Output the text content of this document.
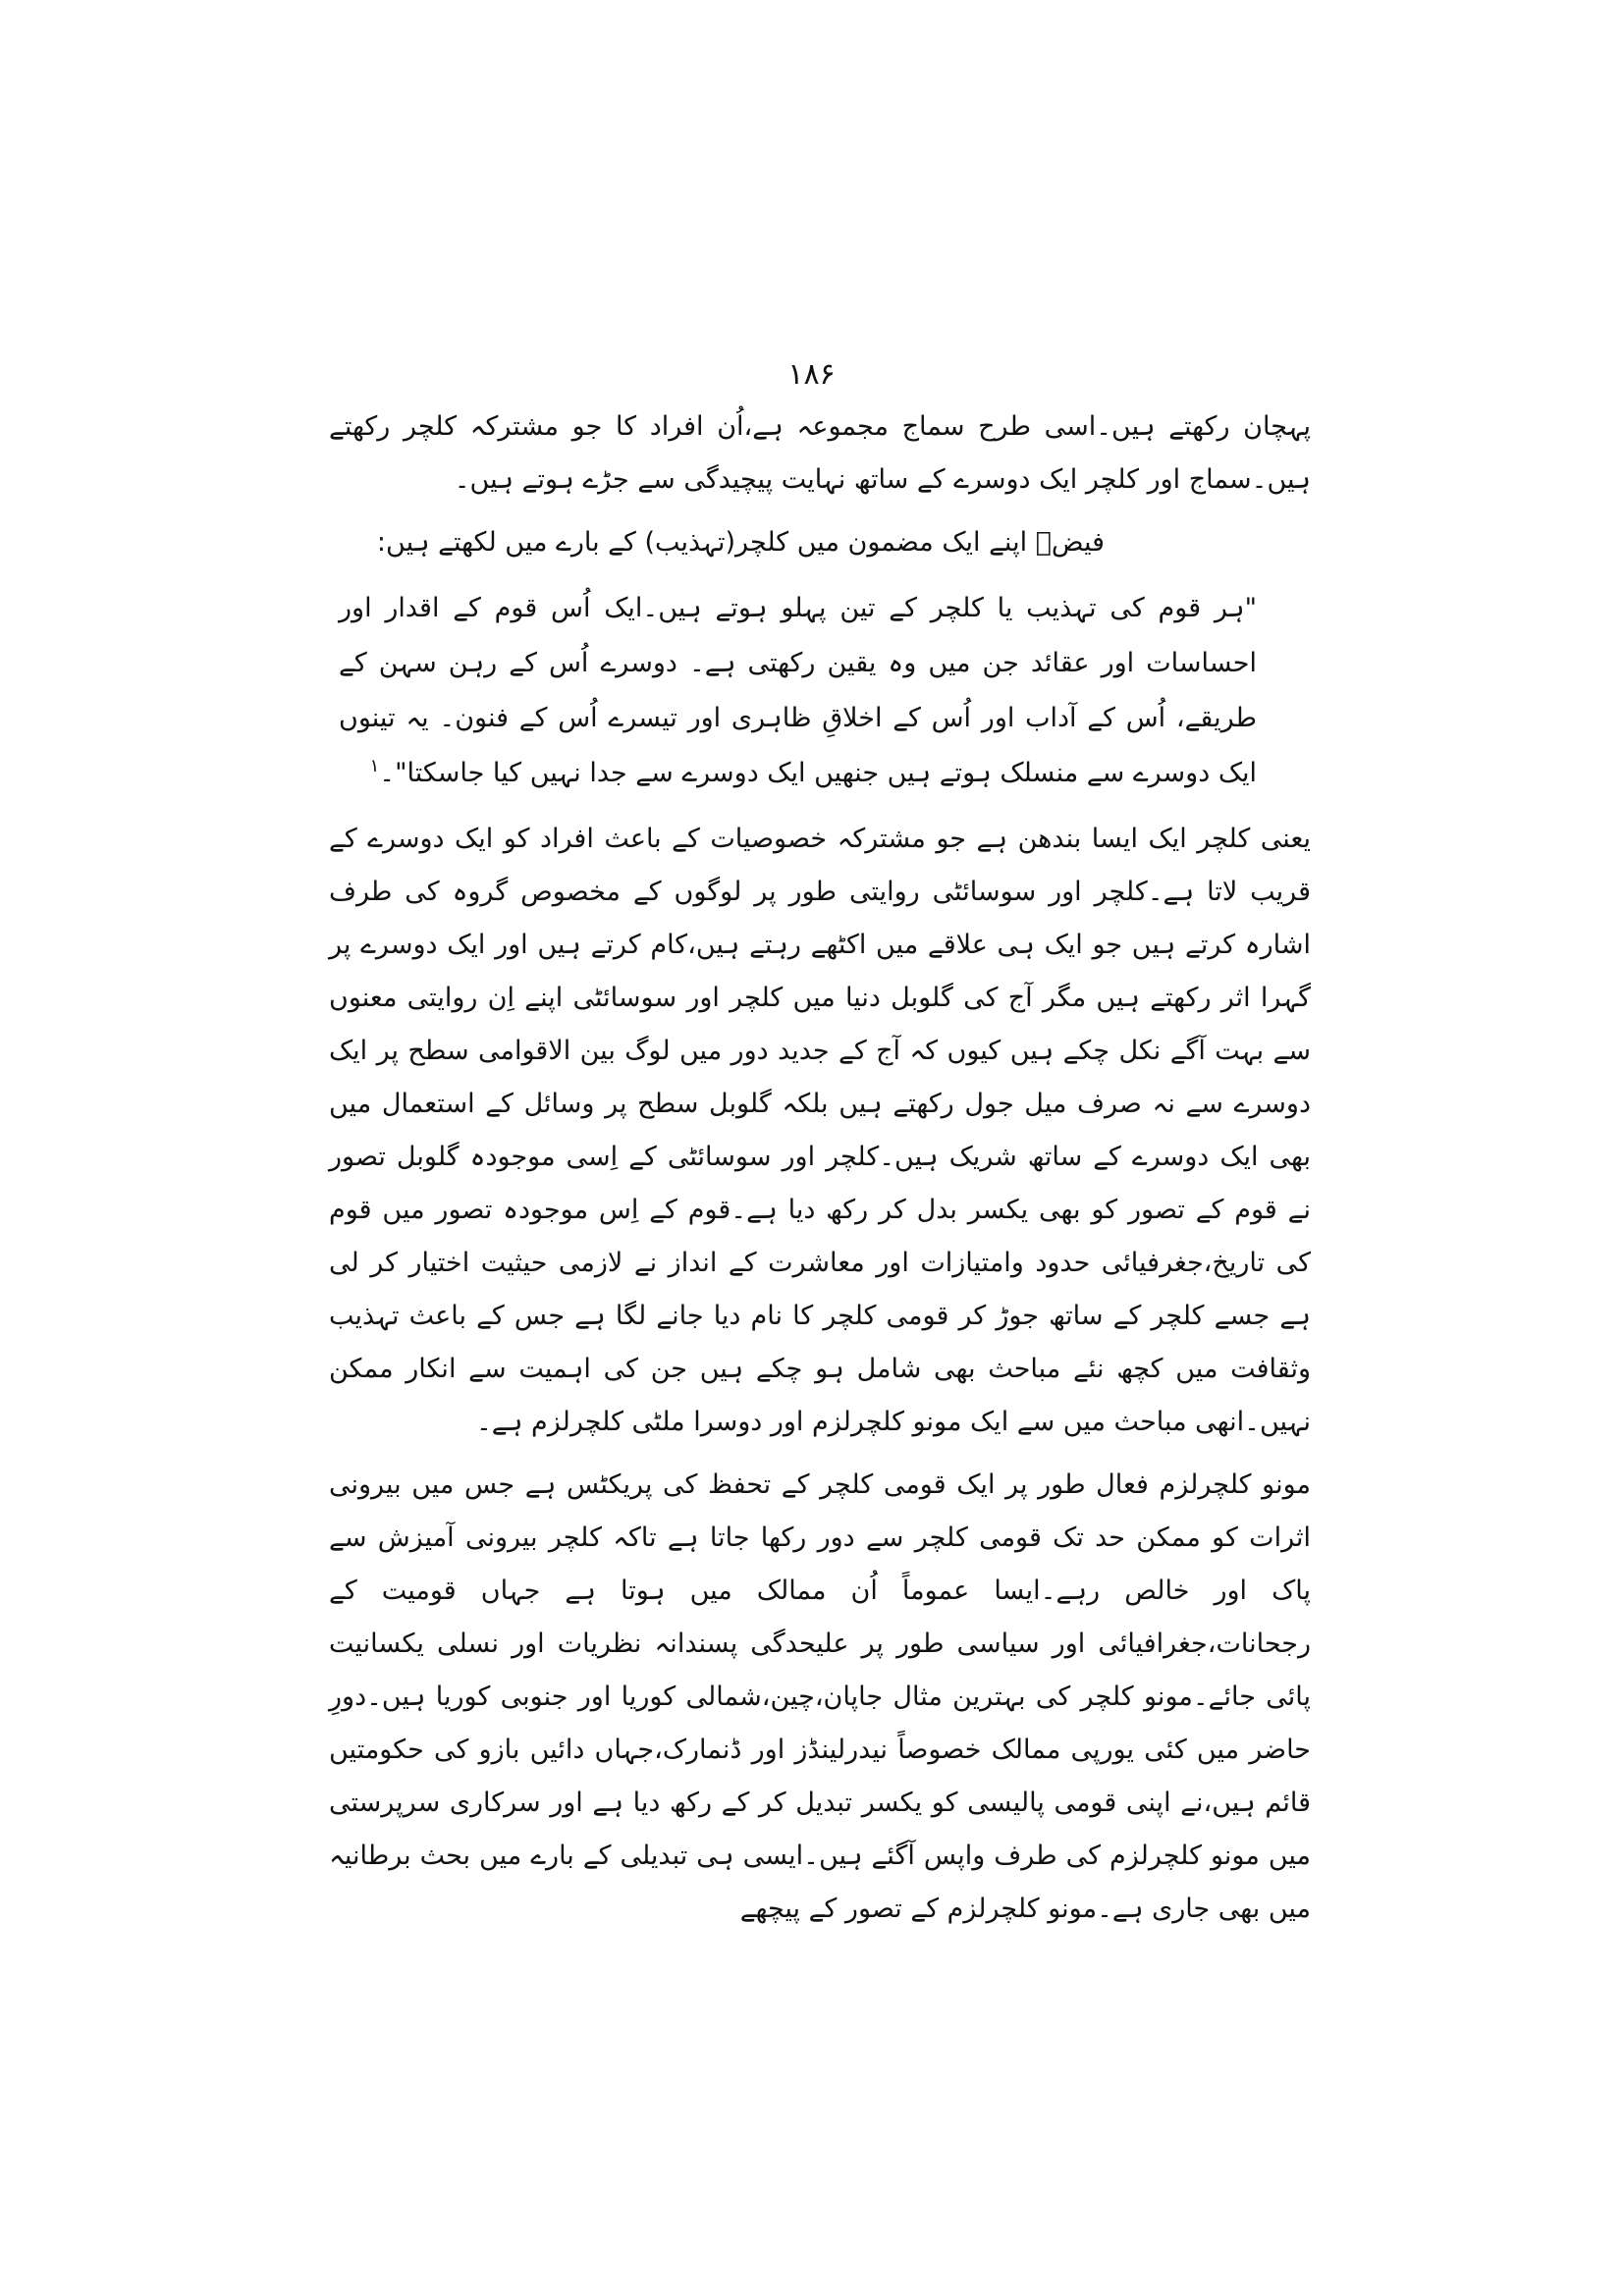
۱۸۶

پہچان رکھتے ہیں۔اسی طرح سماج مجموعہ ہے،اُن افراد کا جو مشترکہ کلچر رکھتے ہیں۔سماج اور کلچر ایک دوسرے کے ساتھ نہایت پیچیدگی سے جڑے ہوتے ہیں۔

فیضؔ اپنے ایک مضمون میں کلچر(تہذیب) کے بارے میں لکھتے ہیں:

"ہر قوم کی تہذیب یا کلچر کے تین پہلو ہوتے ہیں۔ایک اُس قوم کے اقدار اور احساسات اور عقائد جن میں وہ یقین رکھتی ہے۔ دوسرے اُس کے رہن سہن کے طریقے، اُس کے آداب اور اُس کے اخلاقِ ظاہری اور تیسرے اُس کے فنون۔ یہ تینوں ایک دوسرے سے منسلک ہوتے ہیں جنھیں ایک دوسرے سے جدا نہیں کیا جاسکتا"۔$^۱$

یعنی کلچر ایک ایسا بندھن ہے جو مشترکہ خصوصیات کے باعث افراد کو ایک دوسرے کے قریب لاتا ہے۔کلچر اور سوسائٹی روایتی طور پر لوگوں کے مخصوص گروہ کی طرف اشارہ کرتے ہیں جو ایک ہی علاقے میں اکٹھے رہتے ہیں،کام کرتے ہیں اور ایک دوسرے پر گہرا اثر رکھتے ہیں مگر آج کی گلوبل دنیا میں کلچر اور سوسائٹی اپنے اِن روایتی معنوں سے بہت آگے نکل چکے ہیں کیوں کہ آج کے جدید دور میں لوگ بین الاقوامی سطح پر ایک دوسرے سے نہ صرف میل جول رکھتے ہیں بلکہ گلوبل سطح پر وسائل کے استعمال میں بھی ایک دوسرے کے ساتھ شریک ہیں۔کلچر اور سوسائٹی کے اِسی موجودہ گلوبل تصور نے قوم کے تصور کو بھی یکسر بدل کر رکھ دیا ہے۔قوم کے اِس موجودہ تصور میں قوم کی تاریخ،جغرفیائی حدود وامتیازات اور معاشرت کے انداز نے لازمی حیثیت اختیار کر لی ہے جسے کلچر کے ساتھ جوڑ کر قومی کلچر کا نام دیا جانے لگا ہے جس کے باعث تہذیب وثقافت میں کچھ نئے مباحث بھی شامل ہو چکے ہیں جن کی اہمیت سے انکار ممکن نہیں۔انھی مباحث میں سے ایک مونو کلچرلزم اور دوسرا ملٹی کلچرلزم ہے۔

مونو کلچرلزم فعال طور پر ایک قومی کلچر کے تحفظ کی پریکٹس ہے جس میں بیرونی اثرات کو ممکن حد تک قومی کلچر سے دور رکھا جاتا ہے تاکہ کلچر بیرونی آمیزش سے پاک اور خالص رہے۔ایسا عموماً اُن ممالک میں ہوتا ہے جہاں قومیت کے رجحانات،جغرافیائی اور سیاسی طور پر علیحدگی پسندانہ نظریات اور نسلی یکسانیت پائی جائے۔مونو کلچر کی بہترین مثال جاپان،چین،شمالی کوریا اور جنوبی کوریا ہیں۔دورِ حاضر میں کئی یورپی ممالک خصوصاً نیدرلینڈز اور ڈنمارک،جہاں دائیں بازو کی حکومتیں قائم ہیں،نے اپنی قومی پالیسی کو یکسر تبدیل کر کے رکھ دیا ہے اور سرکاری سرپرستی میں مونو کلچرلزم کی طرف واپس آگئے ہیں۔ایسی ہی تبدیلی کے بارے میں بحث برطانیہ میں بھی جاری ہے۔مونو کلچرلزم کے تصور کے پیچھے
